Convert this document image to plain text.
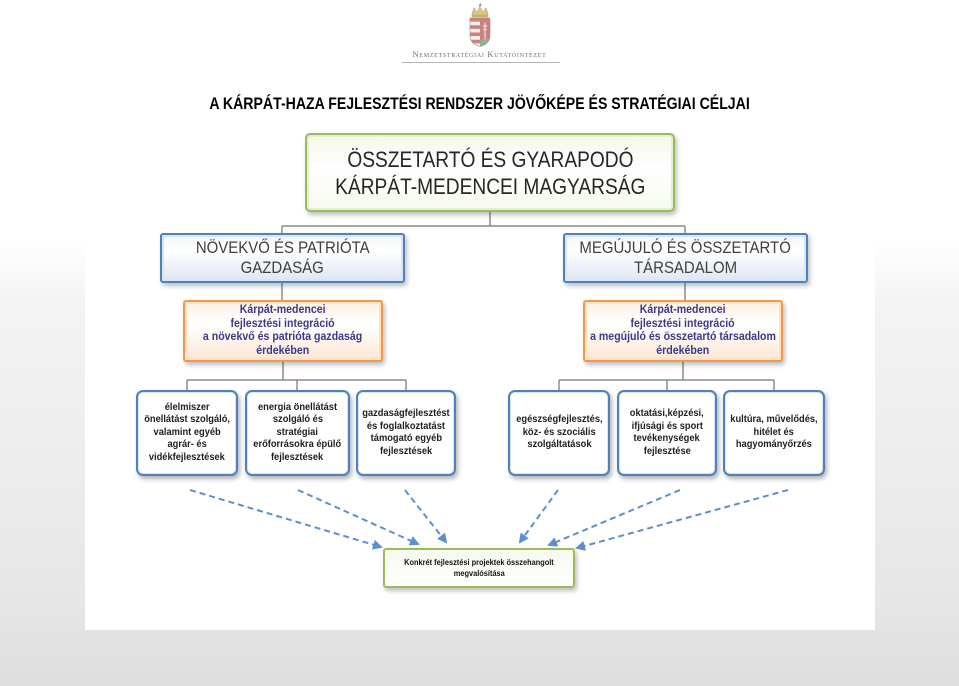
Nemzetstratégiai Kutatóintézet
A KÁRPÁT-HAZA FEJLESZTÉSI RENDSZER JÖVŐKÉPE ÉS STRATÉGIAI CÉLJAI
ÖSSZETARTÓ ÉS GYARAPODÓ
KÁRPÁT-MEDENCEI MAGYARSÁG
NÖVEKVŐ ÉS PATRIÓTA
GAZDASÁG
MEGÚJULÓ ÉS ÖSSZETARTÓ
TÁRSADALOM
Kárpát-medencei
fejlesztési integráció
a növekvő és patrióta gazdaság
érdekében
Kárpát-medencei
fejlesztési integráció
a megújuló és összetartó társadalom
érdekében
élelmiszer
önellátást szolgáló,
valamint egyéb
agrár- és
vidékfejlesztések
energia önellátást
szolgáló és
stratégiai
erőforrásokra épülő
fejlesztések
gazdaságfejlesztést
és foglalkoztatást
támogató egyéb
fejlesztések
egészségfejlesztés,
köz- és szociális
szolgáltatások
oktatási,képzési,
ifjúsági és sport
tevékenységek
fejlesztése
kultúra, művelődés,
hitélet és
hagyományőrzés
Konkrét fejlesztési projektek összehangolt
megvalósítása
